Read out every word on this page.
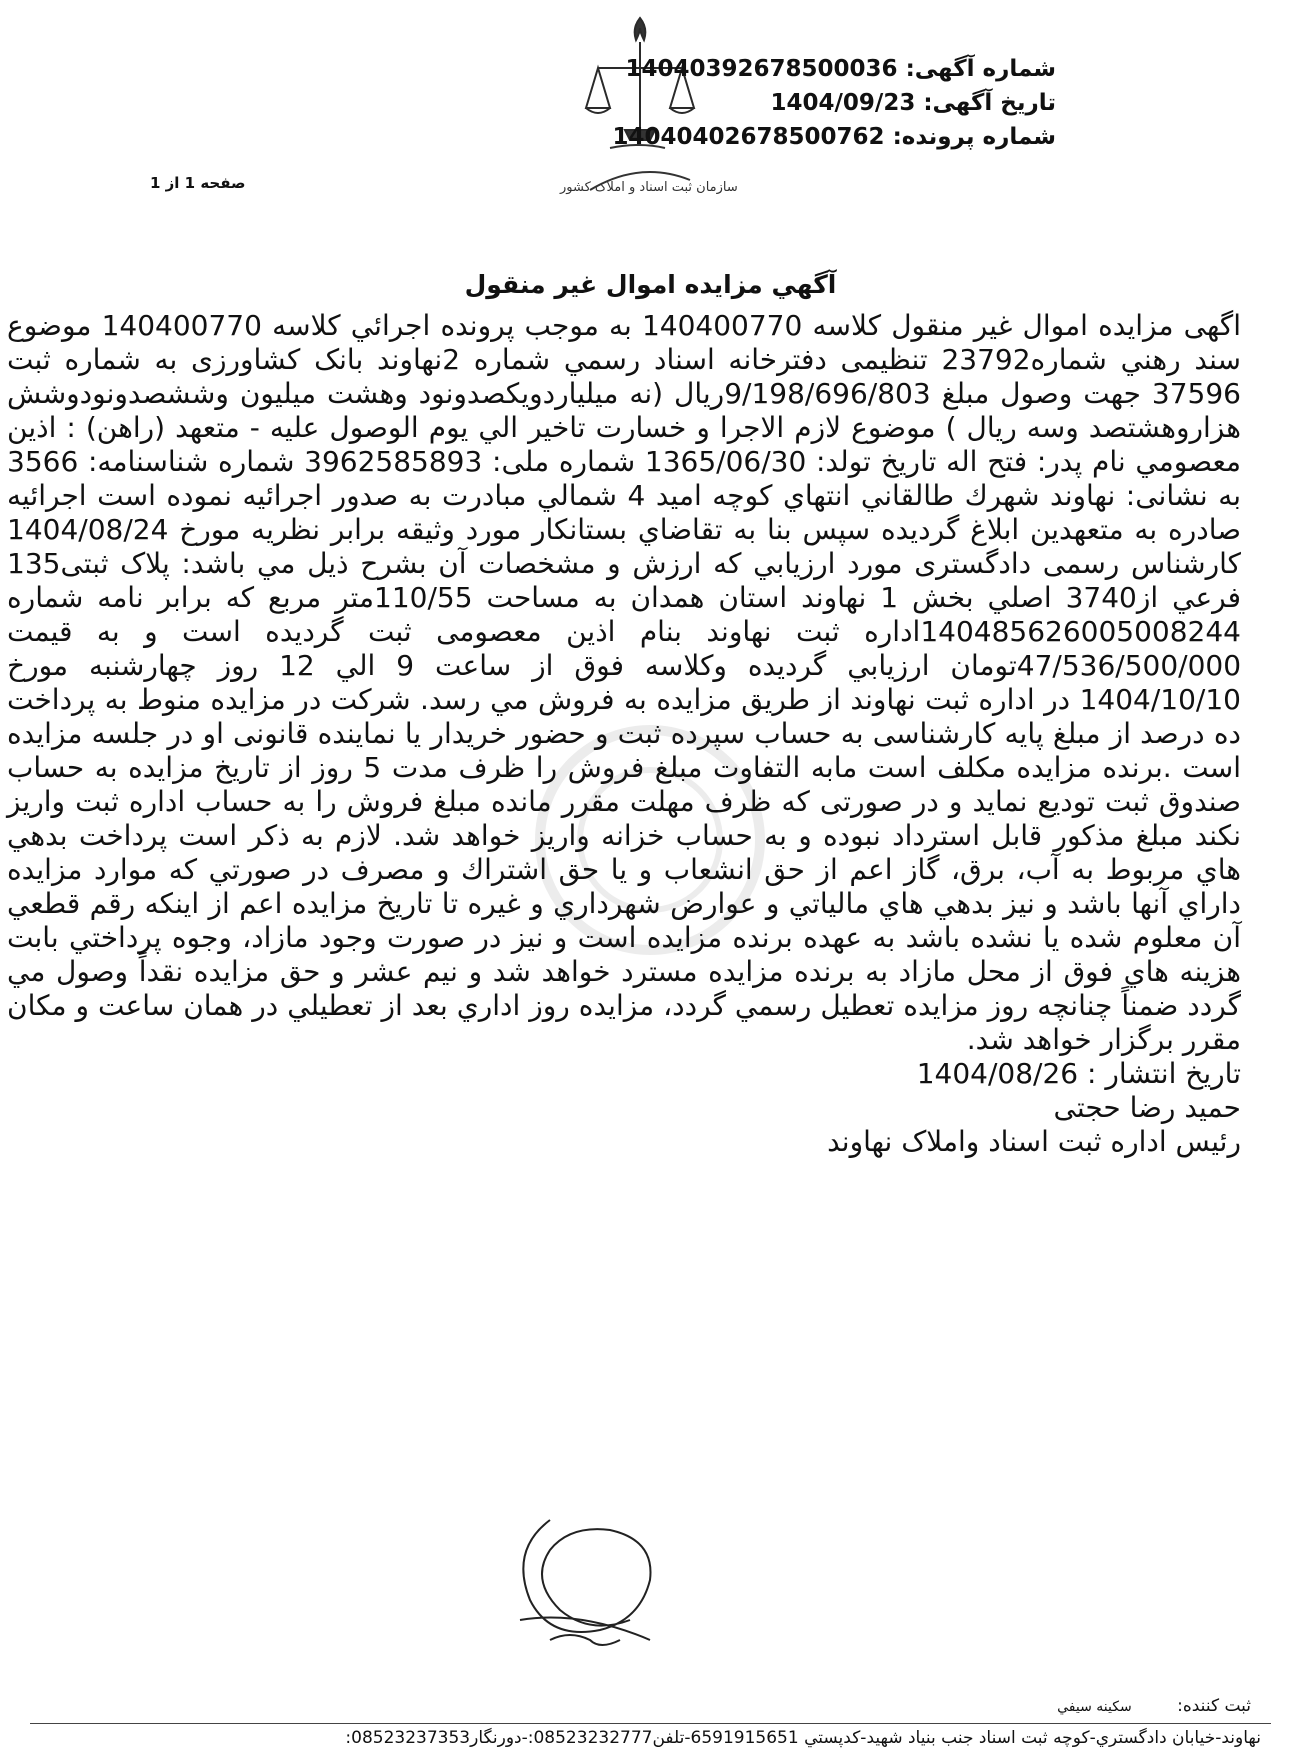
شماره آگهی: 14040392678500036
تاریخ آگهی: 1404/09/23
شماره پرونده: 14040402678500762
صفحه 1 از 1	سازمان ثبت اسناد و املاک کشور
آگهي مزايده اموال غير منقول

اگهی مزایده اموال غیر منقول کلاسه 140400770 به موجب پرونده اجرائي كلاسه 140400770 موضوع سند رهني شماره23792 تنظيمی دفترخانه اسناد رسمي شماره 2نهاوند بانک کشاورزی به شماره ثبت 37596 جهت وصول مبلغ 9/198/696/803ريال (نه ميلياردويكصدونود وهشت ميليون وششصدونودوشش هزاروهشتصد وسه ريال ) موضوع لازم الاجرا و خسارت تاخير الي يوم الوصول عليه - متعهد (راهن) : اذين معصومي نام پدر: فتح اله تاريخ تولد: 1365/06/30 شماره ملی: 3962585893 شماره شناسنامه: 3566 به نشانی: نهاوند شهرك طالقاني انتهاي كوچه اميد 4 شمالي مبادرت به صدور اجرائيه نموده است اجرائيه صادره به متعهدين ابلاغ گرديده سپس بنا به تقاضاي بستانكار مورد وثيقه برابر نظريه مورخ 1404/08/24 کارشناس رسمی دادگستری مورد ارزيابي كه ارزش و مشخصات آن بشرح ذيل مي باشد: پلاک ثبتی135 فرعي از3740 اصلي بخش 1 نهاوند استان همدان به مساحت 110/55متر مربع كه برابر نامه شماره 140485626005008244اداره ثبت نهاوند بنام اذين معصومی ثبت گرديده است و به قيمت 47/536/500/000تومان ارزيابي گرديده وكلاسه فوق از ساعت 9 الي 12 روز چهارشنبه مورخ 1404/10/10 در اداره ثبت نهاوند از طريق مزايده به فروش مي رسد. شرکت در مزايده منوط به پرداخت ده درصد از مبلغ پايه کارشناسی به حساب سپرده ثبت و حضور خريدار يا نماينده قانونی او در جلسه مزايده است .برنده مزايده مکلف است مابه التفاوت مبلغ فروش را ظرف مدت 5 روز از تاريخ مزايده به حساب صندوق ثبت توديع نمايد و در صورتی که ظرف مهلت مقرر مانده مبلغ فروش را به حساب اداره ثبت واريز نکند مبلغ مذکور قابل استرداد نبوده و به حساب خزانه واريز خواهد شد. لازم به ذکر است پرداخت بدهي هاي مربوط به آب، برق، گاز اعم از حق انشعاب و يا حق اشتراك و مصرف در صورتي كه موارد مزايده داراي آنها باشد و نيز بدهي هاي مالياتي و عوارض شهرداري و غيره تا تاريخ مزايده اعم از اينكه رقم قطعي آن معلوم شده يا نشده باشد به عهده برنده مزايده است و نيز در صورت وجود مازاد، وجوه پرداختي بابت هزينه هاي فوق از محل مازاد به برنده مزايده مسترد خواهد شد و نيم عشر و حق مزايده نقداً وصول مي گردد ضمناً چنانچه روز مزايده تعطيل رسمي گردد، مزايده روز اداري بعد از تعطيلي در همان ساعت و مكان مقرر برگزار خواهد شد.

تاريخ انتشار : 1404/08/26

حميد رضا حجتی

رئيس اداره ثبت اسناد واملاک نهاوند

ثبت کننده: سکينه سيفي
نهاوند-خيابان دادگستري-كوچه ثبت اسناد جنب بنياد شهيد-كدپستي 6591915651-تلفن08523232777:-دورنگار08523237353:
